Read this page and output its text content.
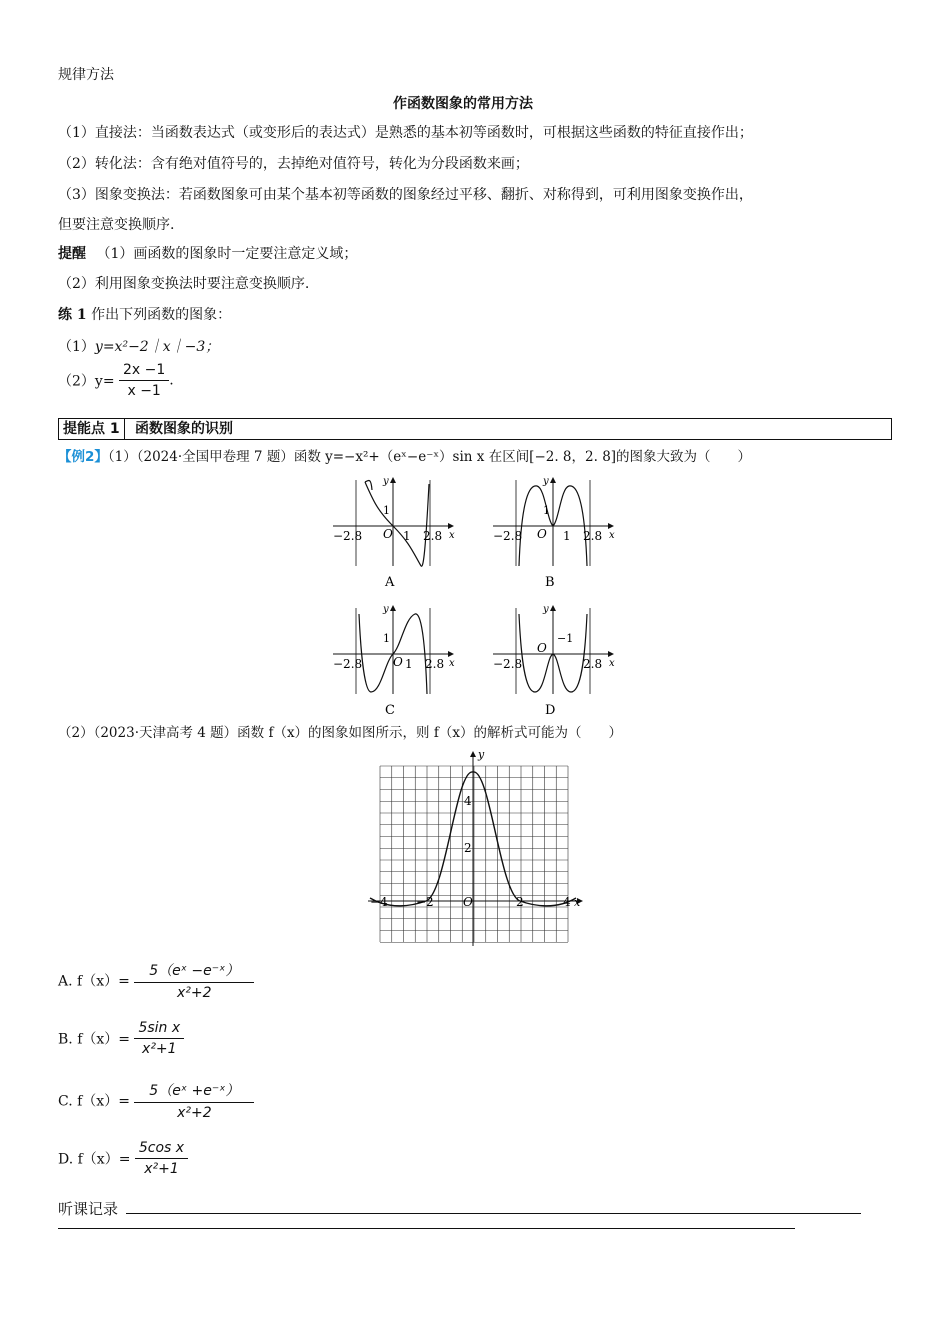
规律方法
作函数图象的常用方法
（1）直接法：当函数表达式（或变形后的表达式）是熟悉的基本初等函数时，可根据这些函数的特征直接作出；
（2）转化法：含有绝对值符号的，去掉绝对值符号，转化为分段函数来画；
（3）图象变换法：若函数图象可由某个基本初等函数的图象经过平移、翻折、对称得到，可利用图象变换作出，
但要注意变换顺序.
提醒 （1）画函数的图象时一定要注意定义域；
（2）利用图象变换法时要注意变换顺序.
练 1 作出下列函数的图象：
（1）y=x²−2｜x｜−3；
$(2)y= \frac{2x -1}{x -1}$ .
提能点 1	函数图象的识别
【例2】（1）（2024·全国甲卷理 7 题）函数 y=−x²+（eˣ−e⁻ˣ）sin x 在区间[−2. 8，2. 8]的图象大致为（　　）
−2.8 O 1 2.8 x
y
1
A
−2.8 O 1 2.8 x
y
1
B
−2.8	O 1 2.8 x
y
1
C
−2.8
O
2.8 x
y
−1
D
（2）（2023·天津高考 4 题）函数 f（x）的图象如图所示，则 f（x）的解析式可能为（　　）
−4 −2 O	2	4 x
4
2
y
A. $f(x)= \frac{\text{5（eˣ −e⁻ˣ）}}{\text{x²+2}}$
B. $f(x)= \frac{\text{5sin x}}{\text{x²+1}}$
C. $f(x)= \frac{\text{5（eˣ +e⁻ˣ）}}{\text{x²+2}}$
D. $f(x)= \frac{\text{5cos x}}{\text{x²+1}}$
听课记录
